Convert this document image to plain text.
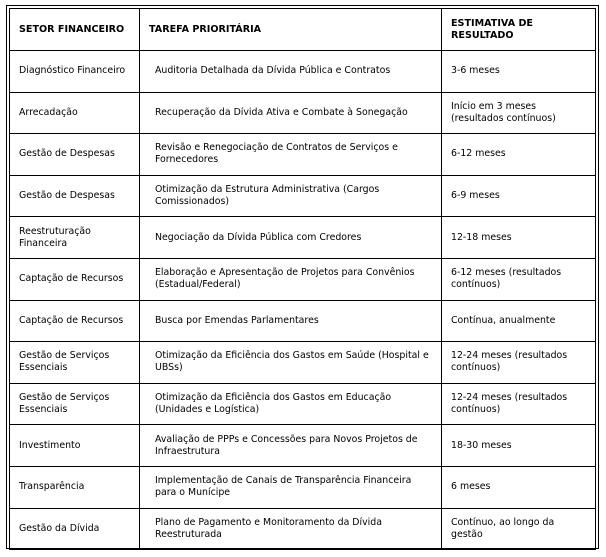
SETOR FINANCEIRO	TAREFA PRIORITÁRIA	ESTIMATIVA DE RESULTADO
Diagnóstico Financeiro	Auditoria Detalhada da Dívida Pública e Contratos	3-6 meses
Arrecadação	Recuperação da Dívida Ativa e Combate à Sonegação	Início em 3 meses (resultados contínuos)
Gestão de Despesas	Revisão e Renegociação de Contratos de Serviços e Fornecedores	6-12 meses
Gestão de Despesas	Otimização da Estrutura Administrativa (Cargos Comissionados)	6-9 meses
Reestruturação Financeira	Negociação da Dívida Pública com Credores	12-18 meses
Captação de Recursos	Elaboração e Apresentação de Projetos para Convênios (Estadual/Federal)	6-12 meses (resultados contínuos)
Captação de Recursos	Busca por Emendas Parlamentares	Contínua, anualmente
Gestão de Serviços Essenciais	Otimização da Eficiência dos Gastos em Saúde (Hospital e UBSs)	12-24 meses (resultados contínuos)
Gestão de Serviços Essenciais	Otimização da Eficiência dos Gastos em Educação (Unidades e Logística)	12-24 meses (resultados contínuos)
Investimento	Avaliação de PPPs e Concessões para Novos Projetos de Infraestrutura	18-30 meses
Transparência	Implementação de Canais de Transparência Financeira para o Munícipe	6 meses
Gestão da Dívida	Plano de Pagamento e Monitoramento da Dívida Reestruturada	Contínuo, ao longo da gestão
